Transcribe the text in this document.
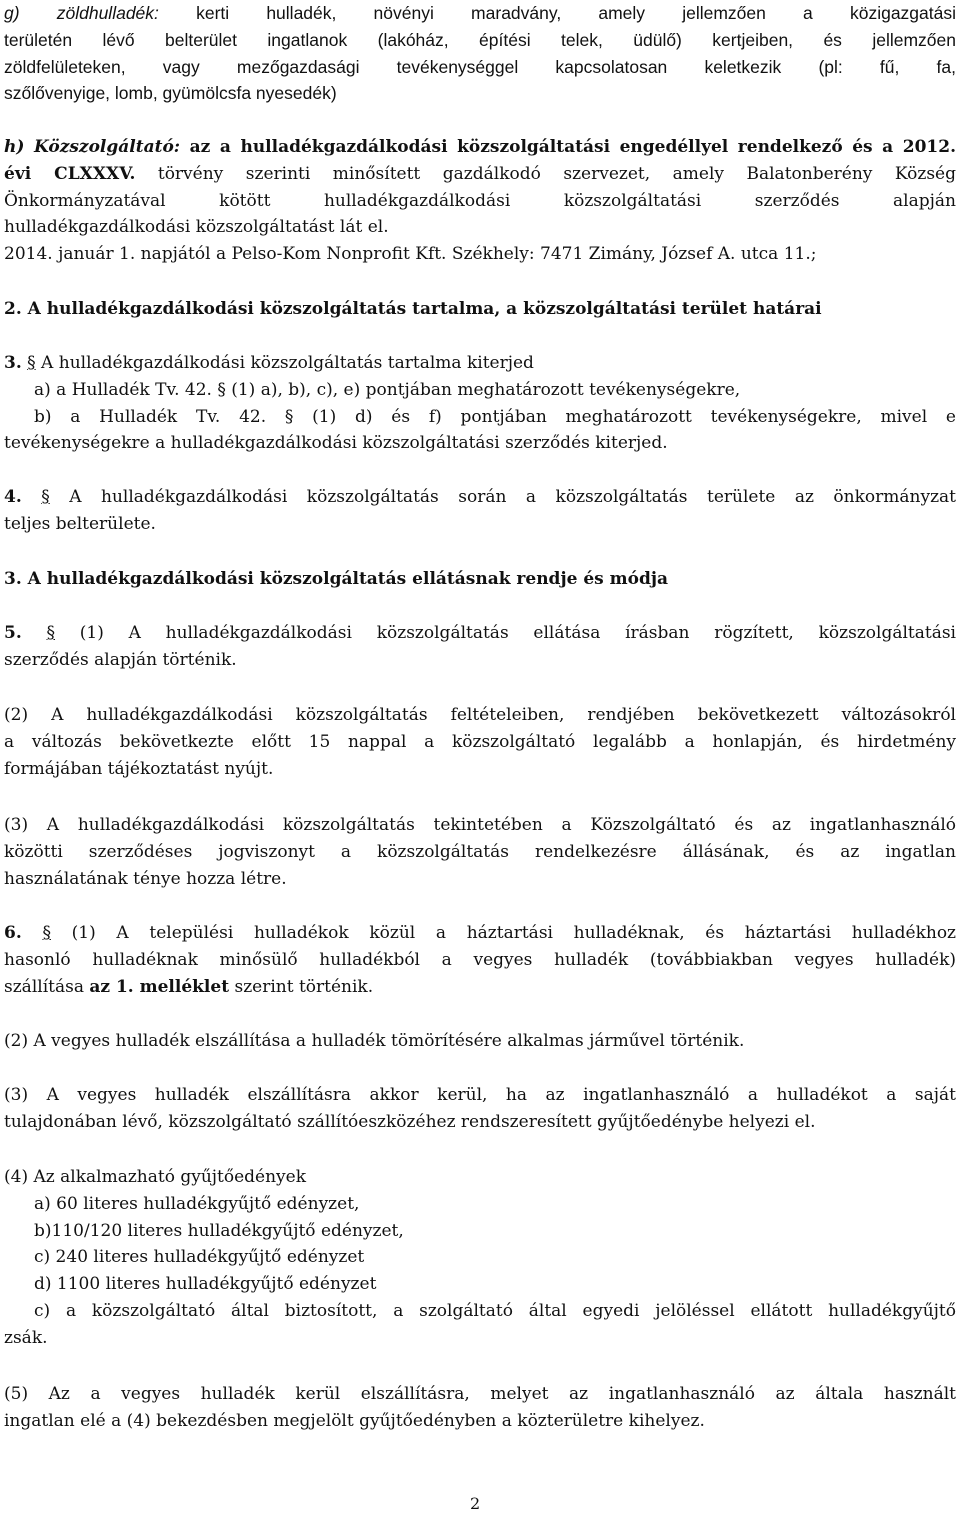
g) zöldhulladék: kerti hulladék, növényi maradvány, amely jellemzően a közigazgatási
területén lévő belterület ingatlanok (lakóház, építési telek, üdülő) kertjeiben, és jellemzően
zöldfelületeken, vagy mezőgazdasági tevékenységgel kapcsolatosan keletkezik (pl: fű, fa,
szőlővenyige, lomb, gyümölcsfa nyesedék)
h) Közszolgáltató: az a hulladékgazdálkodási közszolgáltatási engedéllyel rendelkező és a 2012.
évi CLXXXV. törvény szerinti minősített gazdálkodó szervezet, amely Balatonberény Község
Önkormányzatával kötött hulladékgazdálkodási közszolgáltatási szerződés alapján
hulladékgazdálkodási közszolgáltatást lát el.
2014. január 1. napjától a Pelso-Kom Nonprofit Kft. Székhely: 7471 Zimány, József A. utca 11.;
2. A hulladékgazdálkodási közszolgáltatás tartalma, a közszolgáltatási terület határai
3. § A hulladékgazdálkodási közszolgáltatás tartalma kiterjed
a) a Hulladék Tv. 42. § (1) a), b), c), e) pontjában meghatározott tevékenységekre,
b) a Hulladék Tv. 42. § (1) d) és f) pontjában meghatározott tevékenységekre, mivel e
tevékenységekre a hulladékgazdálkodási közszolgáltatási szerződés kiterjed.
4. § A hulladékgazdálkodási közszolgáltatás során a közszolgáltatás területe az önkormányzat
teljes belterülete.
3. A hulladékgazdálkodási közszolgáltatás ellátásnak rendje és módja
5. § (1) A hulladékgazdálkodási közszolgáltatás ellátása írásban rögzített, közszolgáltatási
szerződés alapján történik.
(2) A hulladékgazdálkodási közszolgáltatás feltételeiben, rendjében bekövetkezett változásokról
a változás bekövetkezte előtt 15 nappal a közszolgáltató legalább a honlapján, és hirdetmény
formájában tájékoztatást nyújt.
(3) A hulladékgazdálkodási közszolgáltatás tekintetében a Közszolgáltató és az ingatlanhasználó
közötti szerződéses jogviszonyt a közszolgáltatás rendelkezésre állásának, és az ingatlan
használatának ténye hozza létre.
6. § (1) A települési hulladékok közül a háztartási hulladéknak, és háztartási hulladékhoz
hasonló hulladéknak minősülő hulladékból a vegyes hulladék (továbbiakban vegyes hulladék)
szállítása az 1. melléklet szerint történik.
(2) A vegyes hulladék elszállítása a hulladék tömörítésére alkalmas járművel történik.
(3) A vegyes hulladék elszállításra akkor kerül, ha az ingatlanhasználó a hulladékot a saját
tulajdonában lévő, közszolgáltató szállítóeszközéhez rendszeresített gyűjtőedénybe helyezi el.
(4) Az alkalmazható gyűjtőedények
a) 60 literes hulladékgyűjtő edényzet,
b)110/120 literes hulladékgyűjtő edényzet,
c) 240 literes hulladékgyűjtő edényzet
d) 1100 literes hulladékgyűjtő edényzet
c) a közszolgáltató által biztosított, a szolgáltató által egyedi jelöléssel ellátott hulladékgyűjtő
zsák.
(5) Az a vegyes hulladék kerül elszállításra, melyet az ingatlanhasználó az általa használt
ingatlan elé a (4) bekezdésben megjelölt gyűjtőedényben a közterületre kihelyez.
2
